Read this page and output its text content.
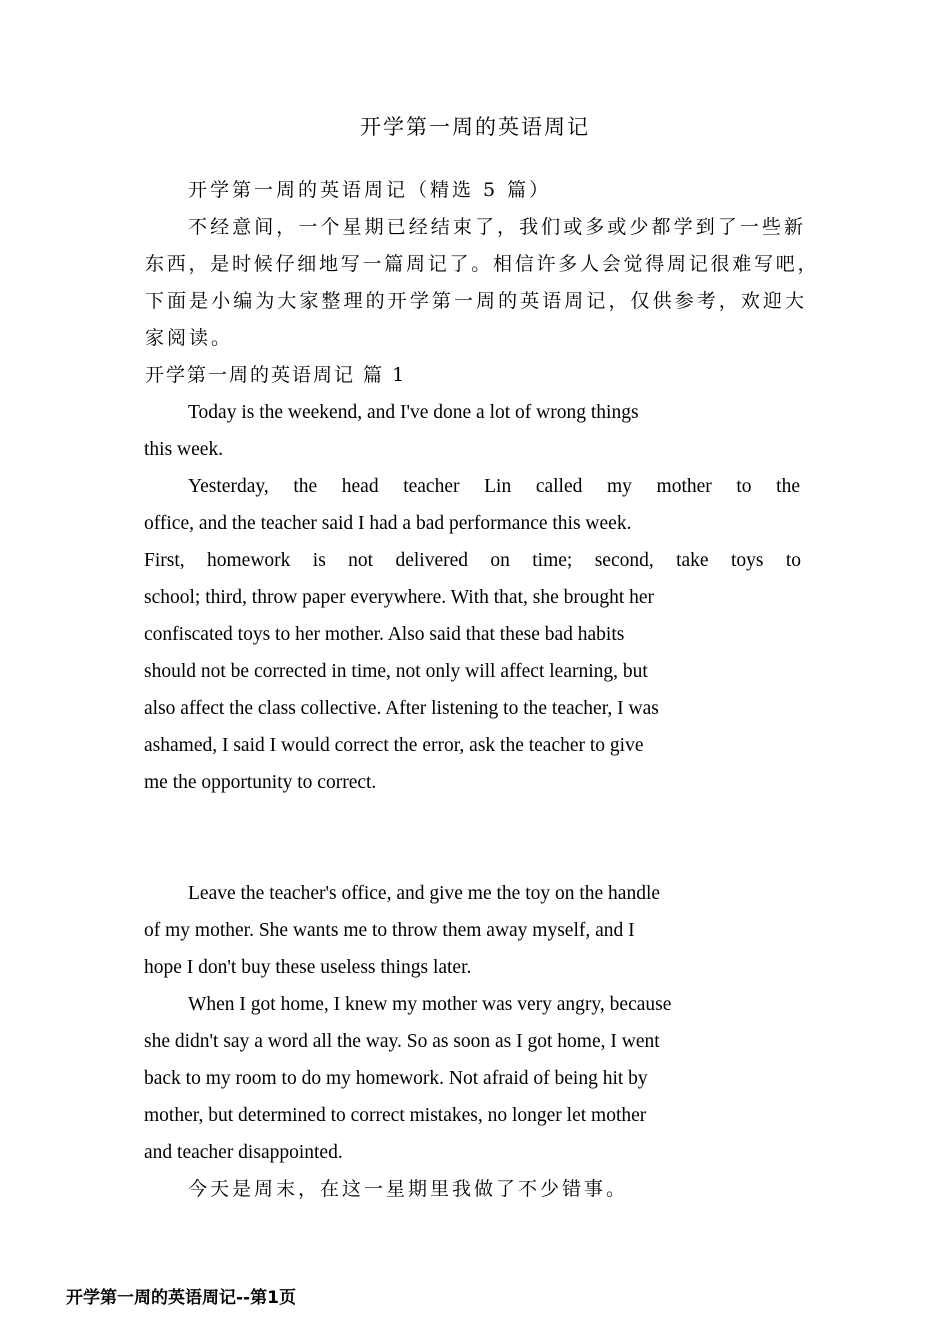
开学第一周的英语周记
开学第一周的英语周记（精选 5 篇）
不经意间，一个星期已经结束了，我们或多或少都学到了一些新
东西，是时候仔细地写一篇周记了。相信许多人会觉得周记很难写吧，
下面是小编为大家整理的开学第一周的英语周记，仅供参考，欢迎大
家阅读。
开学第一周的英语周记 篇 1
Today is the weekend, and I've done a lot of wrong things
this week.
Yesterday, the head teacher Lin called my mother to the
office, and the teacher said I had a bad performance this week.
First, homework is not delivered on time; second, take toys to
school; third, throw paper everywhere. With that, she brought her
confiscated toys to her mother. Also said that these bad habits
should not be corrected in time, not only will affect learning, but
also affect the class collective. After listening to the teacher, I was
ashamed, I said I would correct the error, ask the teacher to give
me the opportunity to correct.
Leave the teacher's office, and give me the toy on the handle
of my mother. She wants me to throw them away myself, and I
hope I don't buy these useless things later.
When I got home, I knew my mother was very angry, because
she didn't say a word all the way. So as soon as I got home, I went
back to my room to do my homework. Not afraid of being hit by
mother, but determined to correct mistakes, no longer let mother
and teacher disappointed.
今天是周末，在这一星期里我做了不少错事。
开学第一周的英语周记--第1页
